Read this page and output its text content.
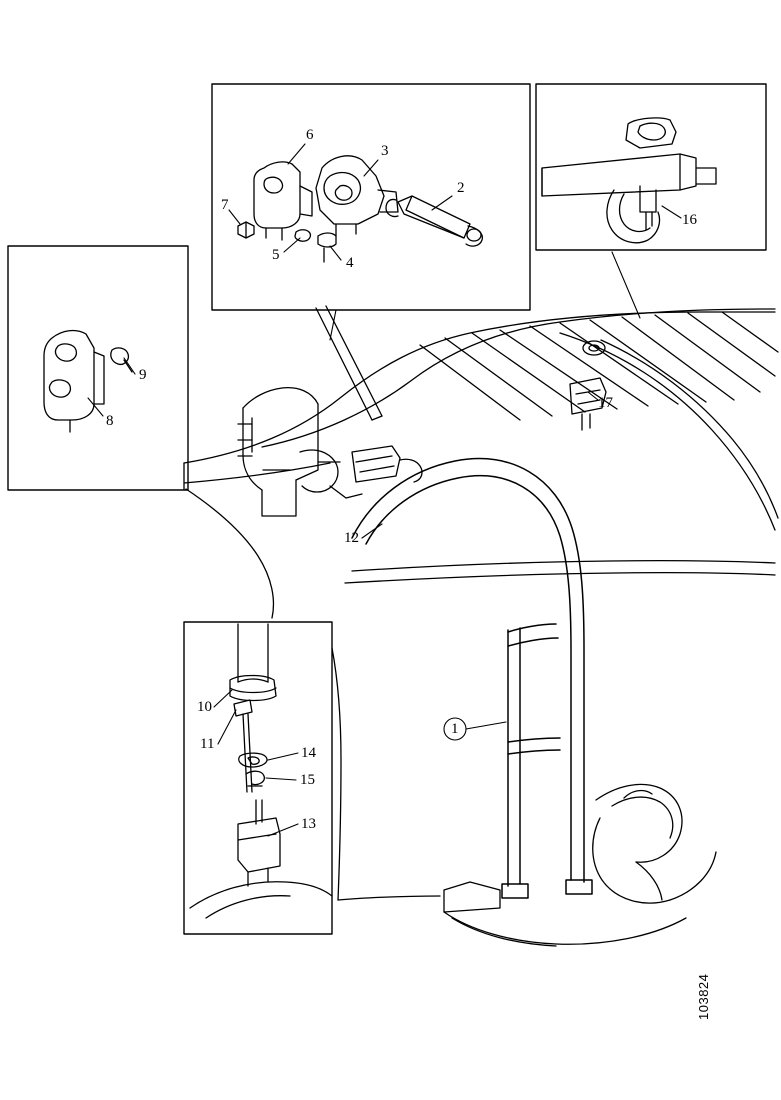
1
2
3
4
5
6
7
8
9
10
11
12
13
14
15
16
17
103824
